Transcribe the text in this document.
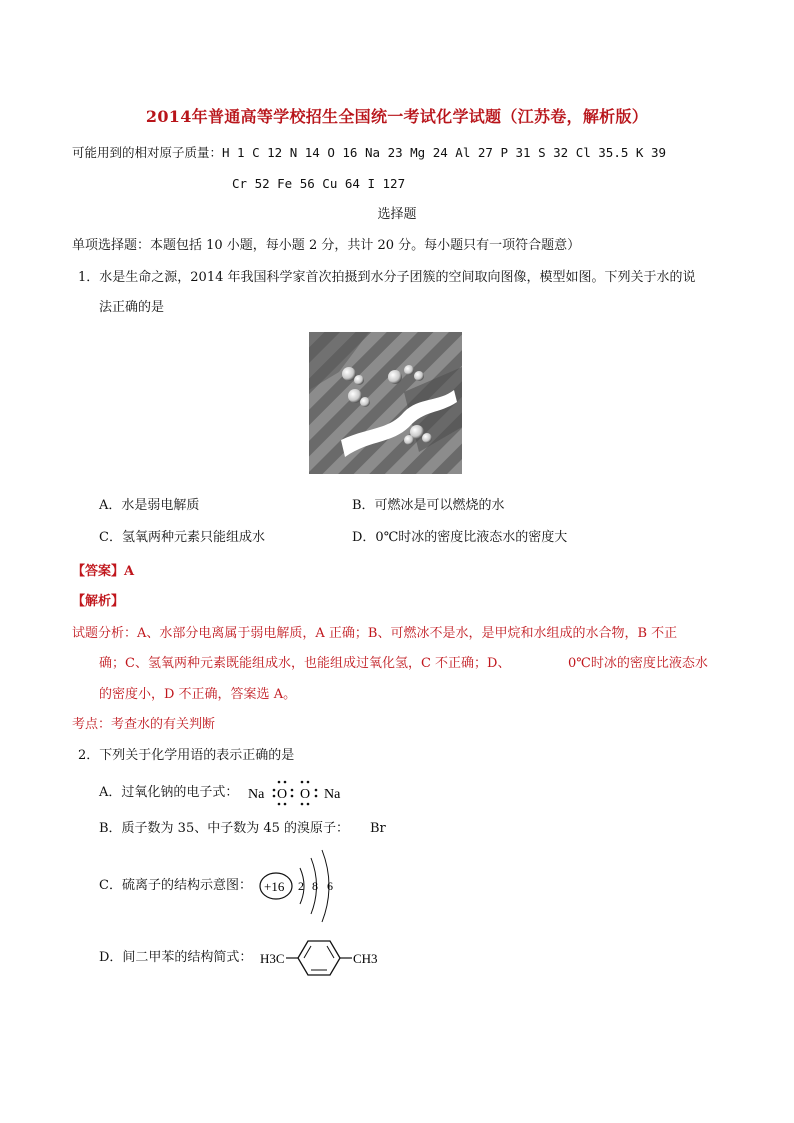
2014年普通高等学校招生全国统一考试化学试题（江苏卷，解析版）
可能用到的相对原子质量：H 1 C 12 N 14 O 16 Na 23 Mg 24 Al 27 P 31 S 32 Cl 35.5 K 39
Cr 52 Fe 56 Cu 64 I 127
选择题
单项选择题：本题包括 10 小题，每小题 2 分，共计 20 分。每小题只有一项符合题意）
1．水是生命之源，2014 年我国科学家首次拍摄到水分子团簇的空间取向图像，模型如图。下列关于水的说
法正确的是
A．水是弱电解质	B．可燃冰是可以燃烧的水
C．氢氧两种元素只能组成水	D．0℃时冰的密度比液态水的密度大
【答案】A
【解析】
试题分析：A、水部分电离属于弱电解质，A 正确；B、可燃冰不是水，是甲烷和水组成的水合物，B 不正
确；C、氢氧两种元素既能组成水，也能组成过氧化氢，C 不正确；D、	0℃时冰的密度比液态水
的密度小，D 不正确，答案选 A。
考点：考查水的有关判断
2．下列关于化学用语的表示正确的是
A．过氧化钠的电子式： Na O O Na
B．质子数为 35、中子数为 45 的溴原子： Br
C．硫离子的结构示意图： +16 2 8 6
D．间二甲苯的结构简式： H3C	CH3
